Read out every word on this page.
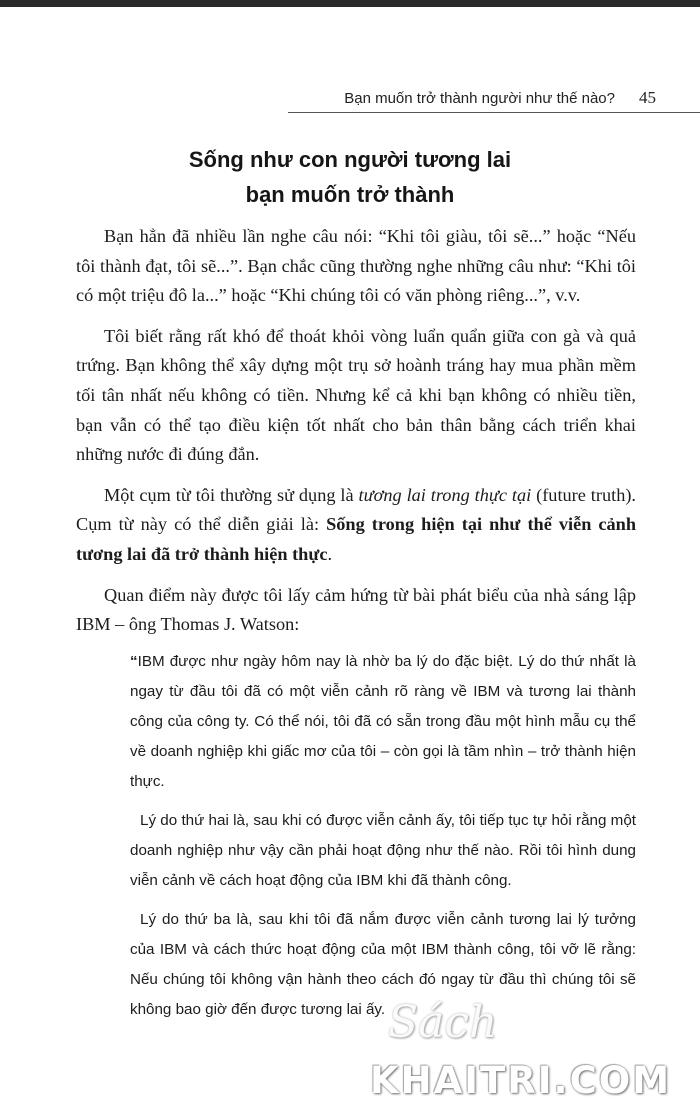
Bạn muốn trở thành người như thế nào? 45
Sống như con người tương lai
bạn muốn trở thành

Bạn hẳn đã nhiều lần nghe câu nói: “Khi tôi giàu, tôi sẽ...” hoặc “Nếu tôi thành đạt, tôi sẽ...”. Bạn chắc cũng thường nghe những câu như: “Khi tôi có một triệu đô la...” hoặc “Khi chúng tôi có văn phòng riêng...”, v.v.

Tôi biết rằng rất khó để thoát khỏi vòng luẩn quẩn giữa con gà và quả trứng. Bạn không thể xây dựng một trụ sở hoành tráng hay mua phần mềm tối tân nhất nếu không có tiền. Nhưng kể cả khi bạn không có nhiều tiền, bạn vẫn có thể tạo điều kiện tốt nhất cho bản thân bằng cách triển khai những nước đi đúng đắn.

Một cụm từ tôi thường sử dụng là tương lai trong thực tại (future truth). Cụm từ này có thể diễn giải là: Sống trong hiện tại như thể viễn cảnh tương lai đã trở thành hiện thực.

Quan điểm này được tôi lấy cảm hứng từ bài phát biểu của nhà sáng lập IBM – ông Thomas J. Watson:

“IBM được như ngày hôm nay là nhờ ba lý do đặc biệt. Lý do thứ nhất là ngay từ đầu tôi đã có một viễn cảnh rõ ràng về IBM và tương lai thành công của công ty. Có thể nói, tôi đã có sẵn trong đầu một hình mẫu cụ thể về doanh nghiệp khi giấc mơ của tôi – còn gọi là tầm nhìn – trở thành hiện thực.

Lý do thứ hai là, sau khi có được viễn cảnh ấy, tôi tiếp tục tự hỏi rằng một doanh nghiệp như vậy cần phải hoạt động như thế nào. Rồi tôi hình dung viễn cảnh về cách hoạt động của IBM khi đã thành công.

Lý do thứ ba là, sau khi tôi đã nắm được viễn cảnh tương lai lý tưởng của IBM và cách thức hoạt động của một IBM thành công, tôi vỡ lẽ rằng: Nếu chúng tôi không vận hành theo cách đó ngay từ đầu thì chúng tôi sẽ không bao giờ đến được tương lai ấy. Sách
KHAITRI.COM
